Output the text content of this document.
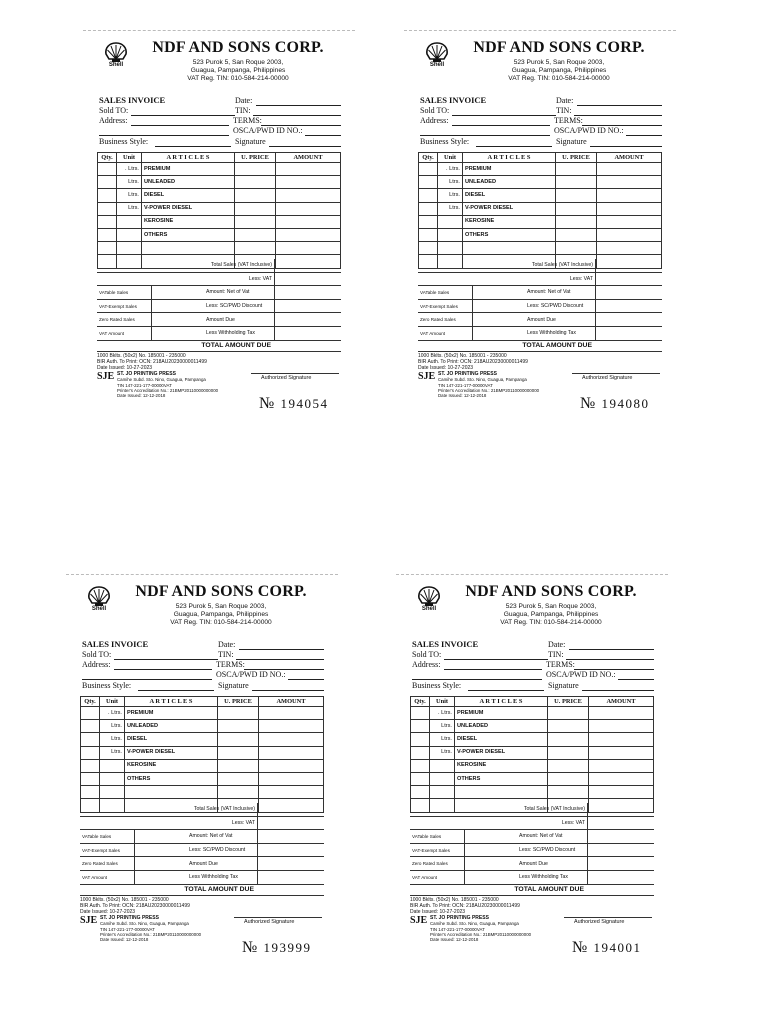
Shell
NDF AND SONS CORP.
523 Purok 5, San Roque 2003,
Guagua, Pampanga, Philippines
VAT Reg. TIN: 010-584-214-00000
SALES INVOICE	Date:
Sold TO:	TIN:
Address:	TERMS:
OSCA/PWD ID NO.:
Business Style:	Signature
Qty.	Unit	A R T I C L E S	U. PRICE	AMOUNT
	. Ltrs.	PREMIUM		
	Ltrs.	UNLEADED		
	Ltrs.	DIESEL		
	Ltrs.	V-POWER DIESEL		
		KEROSINE		
		OTHERS		

Total Sales (VAT Inclusive)		
Less: VAT		
VATable Sales	Amount: Net of Vat	
VAT-Exempt Sales	Less: SC/PWD Discount	
Zero Rated Sales	Amount Due	
VAT Amount	Less Withholding Tax	
TOTAL AMOUNT DUE
1000 Bklts. (50x2) No. 185001 - 235000
BIR Auth. To Print: OCN: 218AU20230000011499
Date Issued: 10-27-2023
SJE ST. JO PRINTING PRESS
Camihe Subd. Sto. Nino, Guagua, Pampanga
TIN 147-221-177-00000VAT
Printer's Accreditation No.: 21BMP20110000000000
Date Issued: 12-12-2018
Authorized Signature
№ 194054
Shell
NDF AND SONS CORP.
523 Purok 5, San Roque 2003,
Guagua, Pampanga, Philippines
VAT Reg. TIN: 010-584-214-00000
SALES INVOICE	Date:
Sold TO:	TIN:
Address:	TERMS:
OSCA/PWD ID NO.:
Business Style:	Signature
Qty.	Unit	A R T I C L E S	U. PRICE	AMOUNT
	. Ltrs.	PREMIUM		
	Ltrs.	UNLEADED		
	Ltrs.	DIESEL		
	Ltrs.	V-POWER DIESEL		
		KEROSINE		
		OTHERS		

Total Sales (VAT Inclusive)		
Less: VAT		
VATable Sales	Amount: Net of Vat	
VAT-Exempt Sales	Less: SC/PWD Discount	
Zero Rated Sales	Amount Due	
VAT Amount	Less Withholding Tax	
TOTAL AMOUNT DUE
1000 Bklts. (50x2) No. 185001 - 235000
BIR Auth. To Print: OCN: 218AU20230000011499
Date Issued: 10-27-2023
SJE ST. JO PRINTING PRESS
Camihe Subd. Sto. Nino, Guagua, Pampanga
TIN 147-221-177-00000VAT
Printer's Accreditation No.: 21BMP20110000000000
Date Issued: 12-12-2018
Authorized Signature
№ 194080
Shell
NDF AND SONS CORP.
523 Purok 5, San Roque 2003,
Guagua, Pampanga, Philippines
VAT Reg. TIN: 010-584-214-00000
SALES INVOICE	Date:
Sold TO:	TIN:
Address:	TERMS:
OSCA/PWD ID NO.:
Business Style:	Signature
Qty.	Unit	A R T I C L E S	U. PRICE	AMOUNT
	. Ltrs.	PREMIUM		
	Ltrs.	UNLEADED		
	Ltrs.	DIESEL		
	Ltrs.	V-POWER DIESEL		
		KEROSINE		
		OTHERS		

Total Sales (VAT Inclusive)		
Less: VAT		
VATable Sales	Amount: Net of Vat	
VAT-Exempt Sales	Less: SC/PWD Discount	
Zero Rated Sales	Amount Due	
VAT Amount	Less Withholding Tax	
TOTAL AMOUNT DUE
1000 Bklts. (50x2) No. 185001 - 235000
BIR Auth. To Print: OCN: 218AU20230000011499
Date Issued: 10-27-2023
SJE ST. JO PRINTING PRESS
Camihe Subd. Sto. Nino, Guagua, Pampanga
TIN 147-221-177-00000VAT
Printer's Accreditation No.: 21BMP20110000000000
Date Issued: 12-12-2018
Authorized Signature
№ 193999
Shell
NDF AND SONS CORP.
523 Purok 5, San Roque 2003,
Guagua, Pampanga, Philippines
VAT Reg. TIN: 010-584-214-00000
SALES INVOICE	Date:
Sold TO:	TIN:
Address:	TERMS:
OSCA/PWD ID NO.:
Business Style:	Signature
Qty.	Unit	A R T I C L E S	U. PRICE	AMOUNT
	. Ltrs.	PREMIUM		
	Ltrs.	UNLEADED		
	Ltrs.	DIESEL		
	Ltrs.	V-POWER DIESEL		
		KEROSINE		
		OTHERS		

Total Sales (VAT Inclusive)		
Less: VAT		
VATable Sales	Amount: Net of Vat	
VAT-Exempt Sales	Less: SC/PWD Discount	
Zero Rated Sales	Amount Due	
VAT Amount	Less Withholding Tax	
TOTAL AMOUNT DUE
1000 Bklts. (50x2) No. 185001 - 235000
BIR Auth. To Print: OCN: 218AU20230000011499
Date Issued: 10-27-2023
SJE ST. JO PRINTING PRESS
Camihe Subd. Sto. Nino, Guagua, Pampanga
TIN 147-221-177-00000VAT
Printer's Accreditation No.: 21BMP20110000000000
Date Issued: 12-12-2018
Authorized Signature
№ 194001
